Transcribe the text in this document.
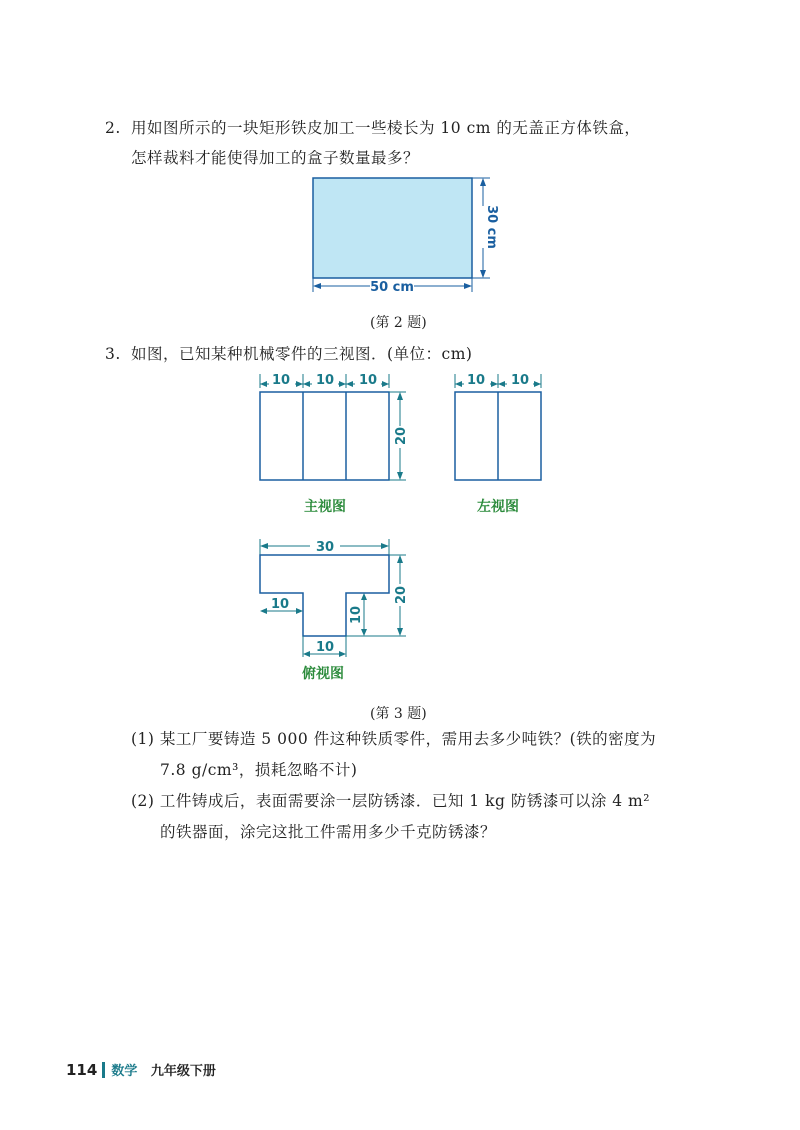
2. 用如图所示的一块矩形铁皮加工一些棱长为 10 cm 的无盖正方体铁盒，
怎样裁料才能使得加工的盒子数量最多？
30 cm
50 cm
(第 2 题)
3. 如图，已知某种机械零件的三视图．(单位：cm)
10 10 10
20
主视图
10 10
左视图
30
10
10
10
20
俯视图
(第 3 题)
(1) 某工厂要铸造 5 000 件这种铁质零件，需用去多少吨铁？(铁的密度为
7.8 g/cm³，损耗忽略不计)
(2) 工件铸成后，表面需要涂一层防锈漆．已知 1 kg 防锈漆可以涂 4 m²
的铁器面，涂完这批工件需用多少千克防锈漆？
114 数学 九年级下册
